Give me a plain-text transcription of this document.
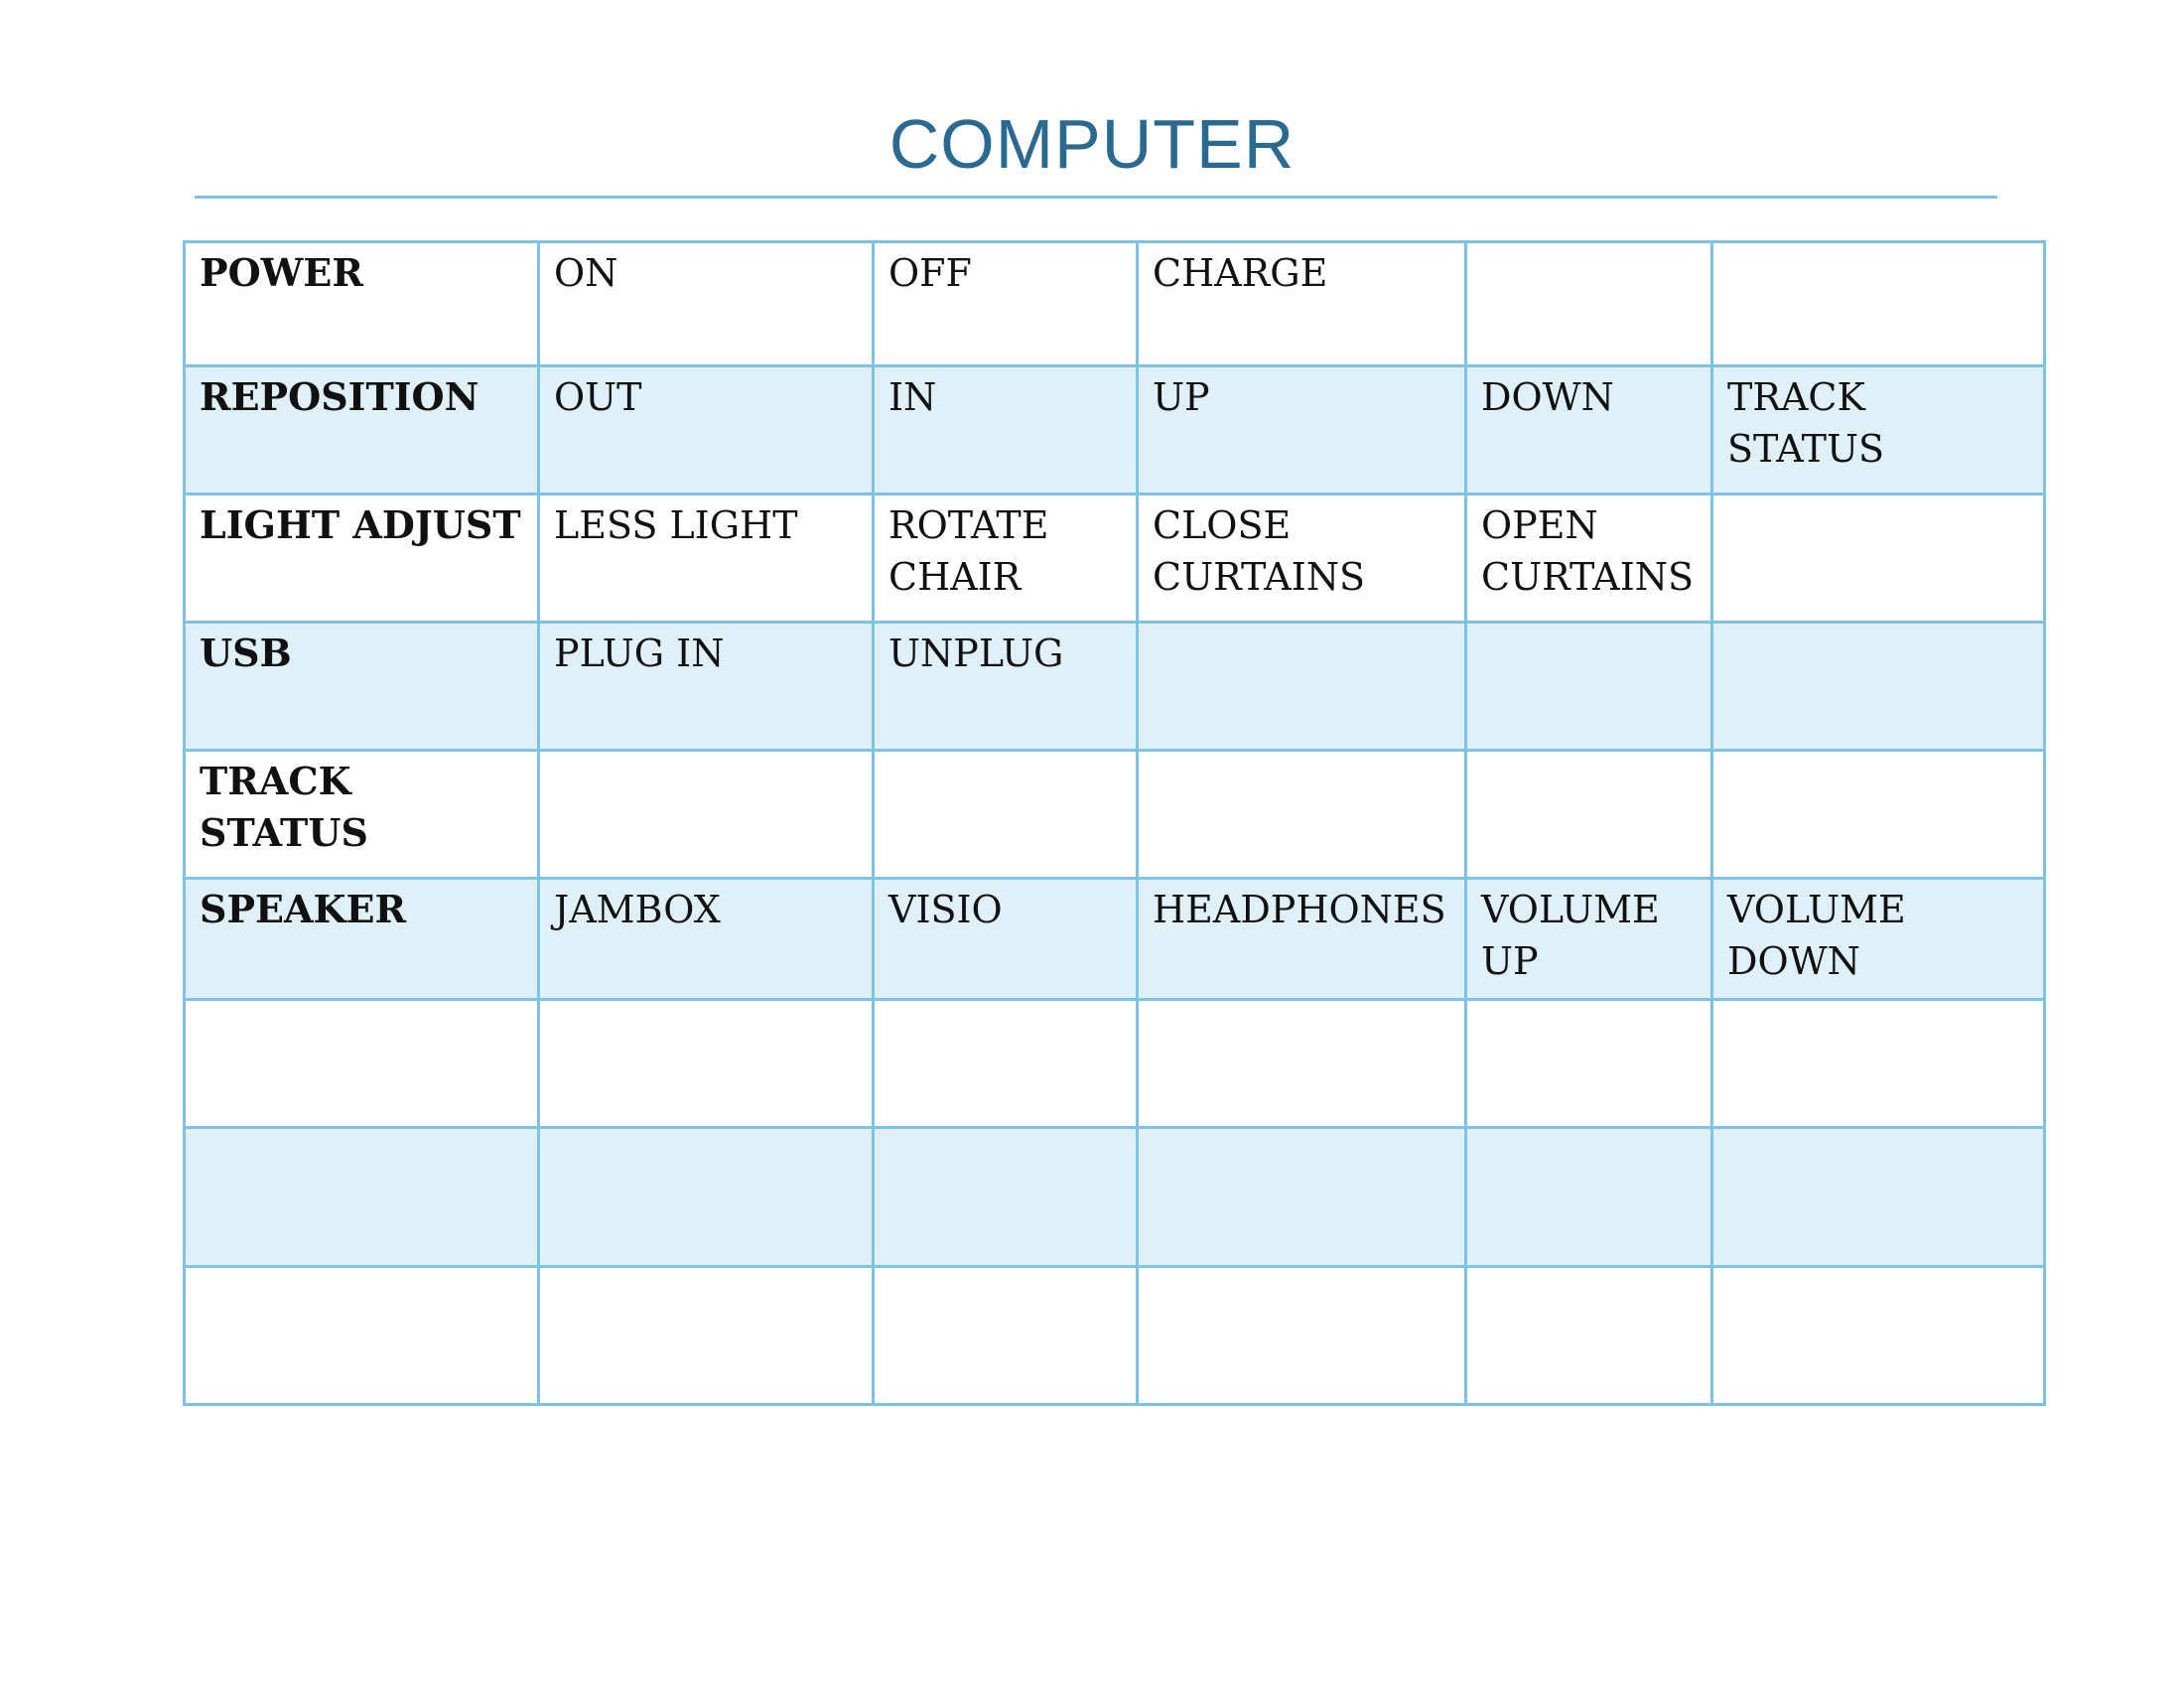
COMPUTER
POWER	ON	OFF	CHARGE		
REPOSITION	OUT	IN	UP	DOWN	TRACK STATUS
LIGHT ADJUST	LESS LIGHT	ROTATE CHAIR	CLOSE CURTAINS	OPEN CURTAINS	
USB	PLUG IN	UNPLUG			
TRACK STATUS					
SPEAKER	JAMBOX	VISIO	HEADPHONES	VOLUME UP	VOLUME DOWN
